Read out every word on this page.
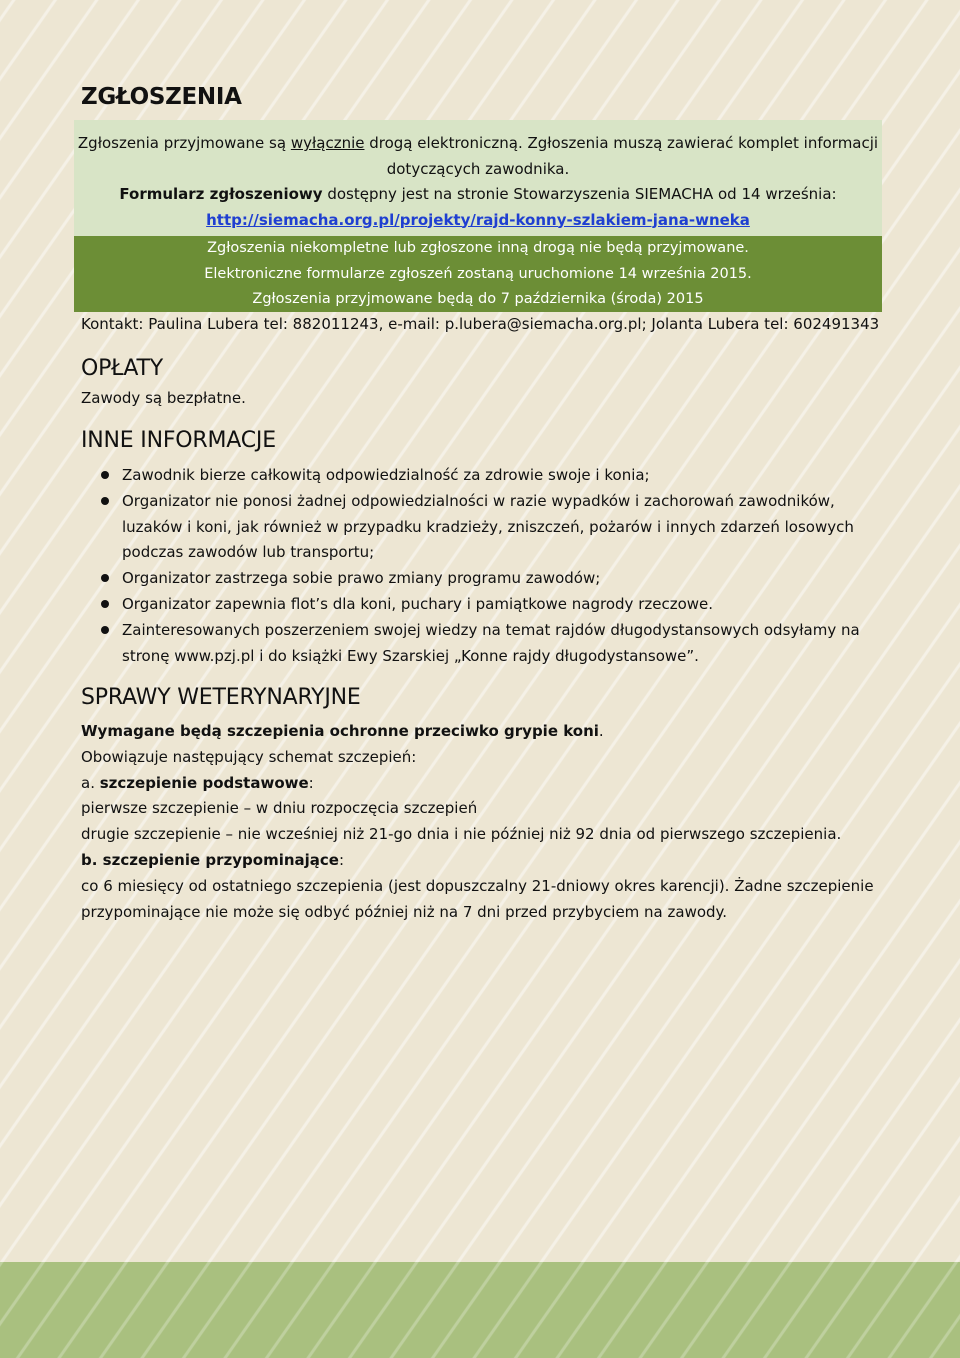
ZGŁOSZENIA

Zgłoszenia przyjmowane są wyłącznie drogą elektroniczną. Zgłoszenia muszą zawierać komplet informacji
dotyczących zawodnika.
Formularz zgłoszeniowy dostępny jest na stronie Stowarzyszenia SIEMACHA od 14 września:
http://siemacha.org.pl/projekty/rajd-konny-szlakiem-jana-wneka

Zgłoszenia niekompletne lub zgłoszone inną drogą nie będą przyjmowane.
Elektroniczne formularze zgłoszeń zostaną uruchomione 14 września 2015.
Zgłoszenia przyjmowane będą do 7 października (środa) 2015

Kontakt: Paulina Lubera tel: 882011243, e-mail: p.lubera@siemacha.org.pl; Jolanta Lubera tel: 602491343
OPŁATY
Zawody są bezpłatne.
INNE INFORMACJE
Zawodnik bierze całkowitą odpowiedzialność za zdrowie swoje i konia;
Organizator nie ponosi żadnej odpowiedzialności w razie wypadków i zachorowań zawodników, luzaków i koni, jak również w przypadku kradzieży, zniszczeń, pożarów i innych zdarzeń losowych podczas zawodów lub transportu;
Organizator zastrzega sobie prawo zmiany programu zawodów;
Organizator zapewnia flot’s dla koni, puchary i pamiątkowe nagrody rzeczowe.
Zainteresowanych poszerzeniem swojej wiedzy na temat rajdów długodystansowych odsyłamy na stronę www.pzj.pl i do książki Ewy Szarskiej „Konne rajdy długodystansowe”.
SPRAWY WETERYNARYJNE
Wymagane będą szczepienia ochronne przeciwko grypie koni.
Obowiązuje następujący schemat szczepień:
a. szczepienie podstawowe:
pierwsze szczepienie – w dniu rozpoczęcia szczepień
drugie szczepienie – nie wcześniej niż 21-go dnia i nie później niż 92 dnia od pierwszego szczepienia.
b. szczepienie przypominające:
co 6 miesięcy od ostatniego szczepienia (jest dopuszczalny 21-dniowy okres karencji). Żadne szczepienie
przypominające nie może się odbyć później niż na 7 dni przed przybyciem na zawody.
